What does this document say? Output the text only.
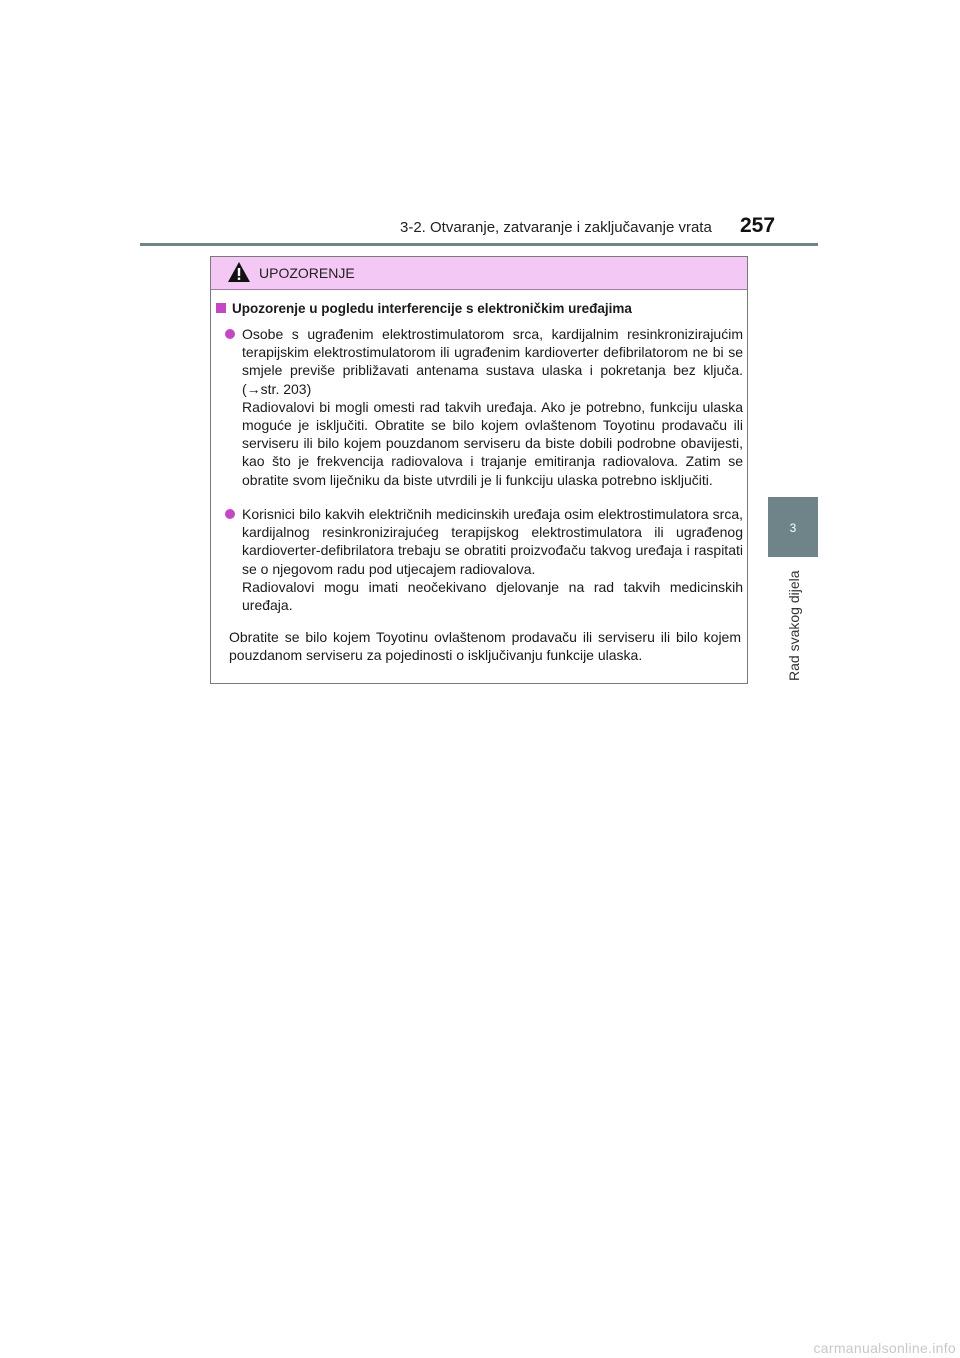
3-2. Otvaranje, zatvaranje i zaključavanje vrata 257
3
Rad svakog dijela
UPOZORENJE
Upozorenje u pogledu interferencije s elektroničkim uređajima

Osobe s ugrađenim elektrostimulatorom srca, kardijalnim resinkronizirajućim terapijskim elektrostimulatorom ili ugrađenim kardioverter defibrilatorom ne bi se smjele previše približavati antenama sustava ulaska i pokretanja bez ključa. (→str. 203)

Radiovalovi bi mogli omesti rad takvih uređaja. Ako je potrebno, funkciju ulaska moguće je isključiti. Obratite se bilo kojem ovlaštenom Toyotinu prodavaču ili serviseru ili bilo kojem pouzdanom serviseru da biste dobili podrobne obavijesti, kao što je frekvencija radiovalova i trajanje emitiranja radiovalova. Zatim se obratite svom liječniku da biste utvrdili je li funkciju ulaska potrebno isključiti.

Korisnici bilo kakvih električnih medicinskih uređaja osim elektrostimulatora srca, kardijalnog resinkronizirajućeg terapijskog elektrostimulatora ili ugrađenog kardioverter-defibrilatora trebaju se obratiti proizvođaču takvog uređaja i raspitati se o njegovom radu pod utjecajem radiovalova.

Radiovalovi mogu imati neočekivano djelovanje na rad takvih medicinskih uređaja.

Obratite se bilo kojem Toyotinu ovlaštenom prodavaču ili serviseru ili bilo kojem pouzdanom serviseru za pojedinosti o isključivanju funkcije ulaska.
carmanualsonline.info
